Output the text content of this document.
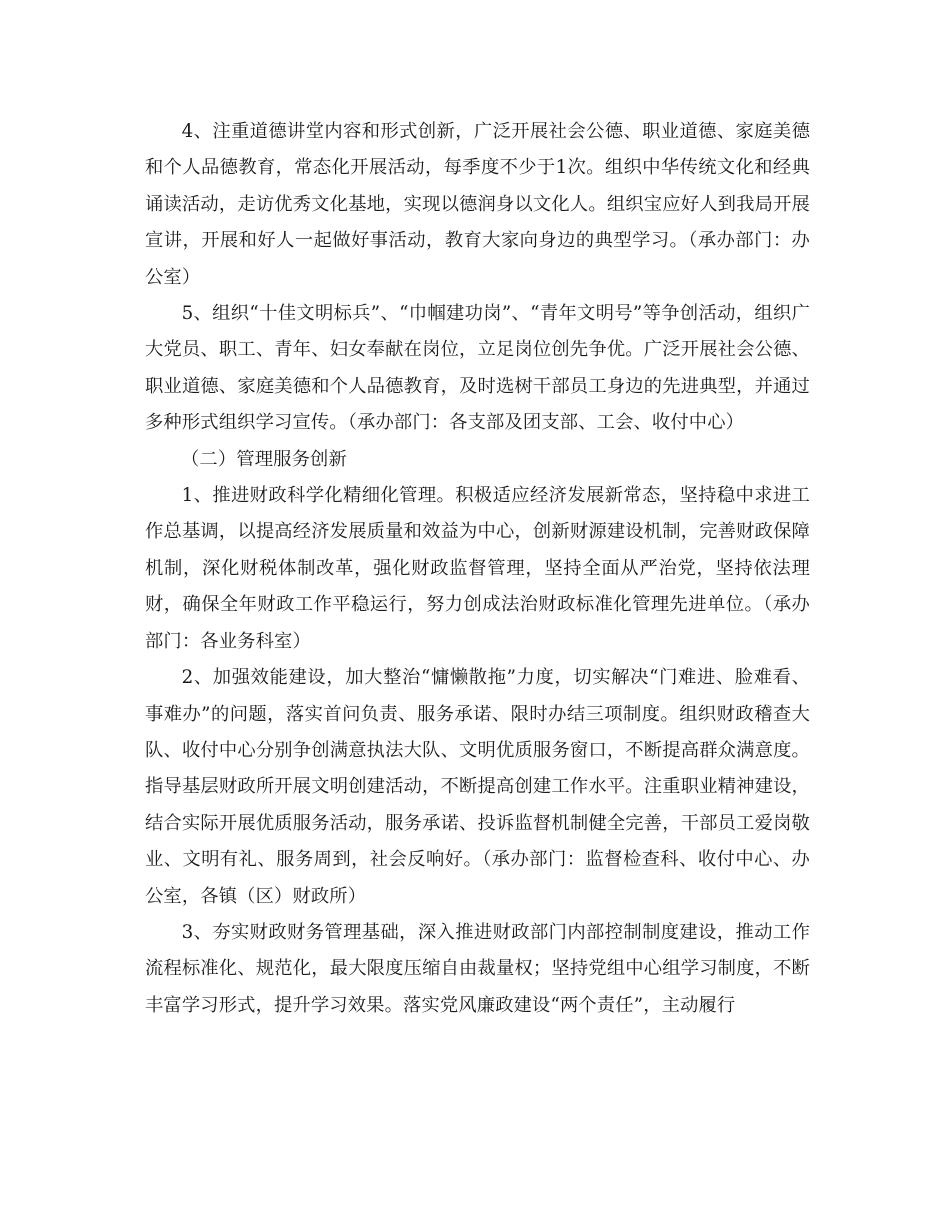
4、注重道德讲堂内容和形式创新，广泛开展社会公德、职业道德、家庭美德和个人品德教育，常态化开展活动，每季度不少于1次。组织中华传统文化和经典诵读活动，走访优秀文化基地，实现以德润身以文化人。组织宝应好人到我局开展宣讲，开展和好人一起做好事活动，教育大家向身边的典型学习。（承办部门：办公室）

5、组织“十佳文明标兵”、“巾帼建功岗”、“青年文明号”等争创活动，组织广大党员、职工、青年、妇女奉献在岗位，立足岗位创先争优。广泛开展社会公德、职业道德、家庭美德和个人品德教育，及时选树干部员工身边的先进典型，并通过多种形式组织学习宣传。（承办部门：各支部及团支部、工会、收付中心）

（二）管理服务创新

1、推进财政科学化精细化管理。积极适应经济发展新常态，坚持稳中求进工作总基调，以提高经济发展质量和效益为中心，创新财源建设机制，完善财政保障机制，深化财税体制改革，强化财政监督管理，坚持全面从严治党，坚持依法理财，确保全年财政工作平稳运行，努力创成法治财政标准化管理先进单位。（承办部门：各业务科室）

2、加强效能建设，加大整治“慵懒散拖”力度，切实解决“门难进、脸难看、事难办”的问题，落实首问负责、服务承诺、限时办结三项制度。组织财政稽查大队、收付中心分别争创满意执法大队、文明优质服务窗口，不断提高群众满意度。指导基层财政所开展文明创建活动，不断提高创建工作水平。注重职业精神建设，结合实际开展优质服务活动，服务承诺、投诉监督机制健全完善，干部员工爱岗敬业、文明有礼、服务周到，社会反响好。（承办部门：监督检查科、收付中心、办公室，各镇（区）财政所）

3、夯实财政财务管理基础，深入推进财政部门内部控制制度建设，推动工作流程标准化、规范化，最大限度压缩自由裁量权；坚持党组中心组学习制度，不断丰富学习形式，提升学习效果。落实党风廉政建设“两个责任”，主动履行
